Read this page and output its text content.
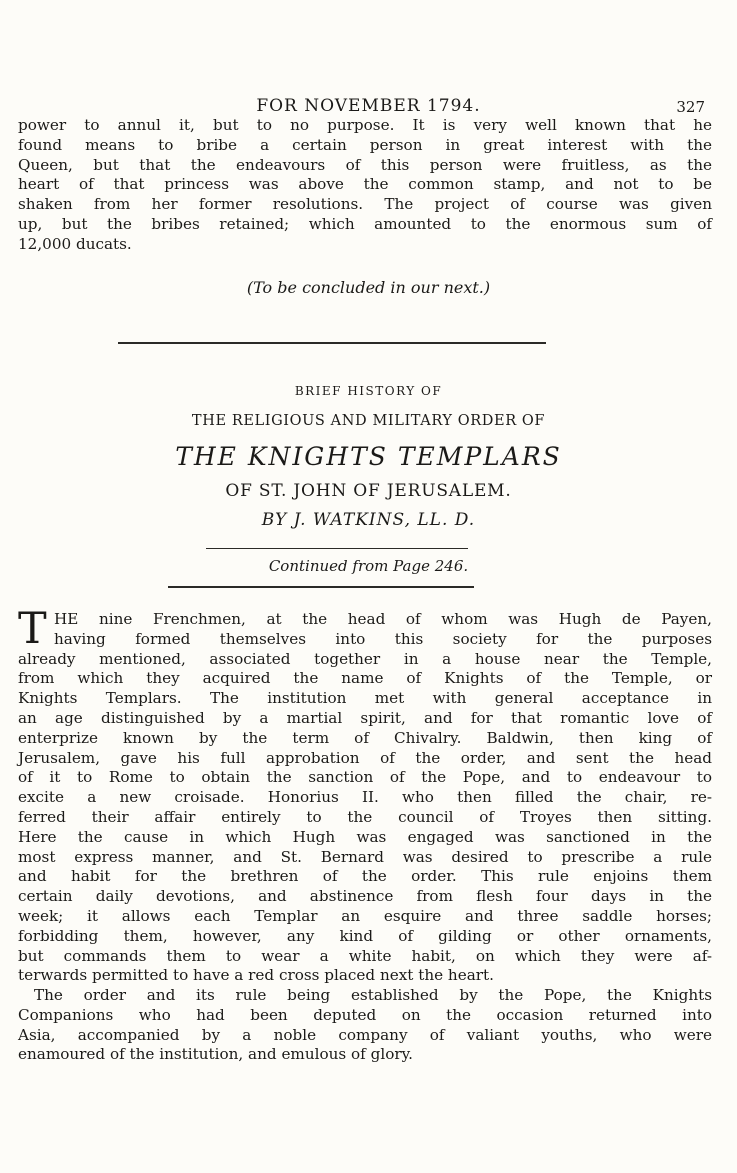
FOR NOVEMBER 1794.	327
power to annul it, but to no purpose. It is very well known that he
found means to bribe a certain person in great interest with the
Queen, but that the endeavours of this person were fruitless, as the
heart of that princess was above the common stamp, and not to be
shaken from her former resolutions. The project of course was given
up, but the bribes retained; which amounted to the enormous sum of
12,000 ducats.
(To be concluded in our next.)
BRIEF HISTORY OF
THE RELIGIOUS AND MILITARY ORDER OF
THE KNIGHTS TEMPLARS
OF ST. JOHN OF JERUSALEM.
BY J. WATKINS, LL. D.
Continued from Page 246.
T HE nine Frenchmen, at the head of whom was Hugh de Payen,
having formed themselves into this society for the purposes
already mentioned, associated together in a house near the Temple,
from which they acquired the name of Knights of the Temple, or
Knights Templars. The institution met with general acceptance in
an age distinguished by a martial spirit, and for that romantic love of
enterprize known by the term of Chivalry. Baldwin, then king of
Jerusalem, gave his full approbation of the order, and sent the head
of it to Rome to obtain the sanction of the Pope, and to endeavour to
excite a new croisade. Honorius II. who then filled the chair, re-
ferred their affair entirely to the council of Troyes then sitting.
Here the cause in which Hugh was engaged was sanctioned in the
most express manner, and St. Bernard was desired to prescribe a rule
and habit for the brethren of the order. This rule enjoins them
certain daily devotions, and abstinence from flesh four days in the
week; it allows each Templar an esquire and three saddle horses;
forbidding them, however, any kind of gilding or other ornaments,
but commands them to wear a white habit, on which they were af-
terwards permitted to have a red cross placed next the heart.
The order and its rule being established by the Pope, the Knights
Companions who had been deputed on the occasion returned into
Asia, accompanied by a noble company of valiant youths, who were
enamoured of the institution, and emulous of glory.
